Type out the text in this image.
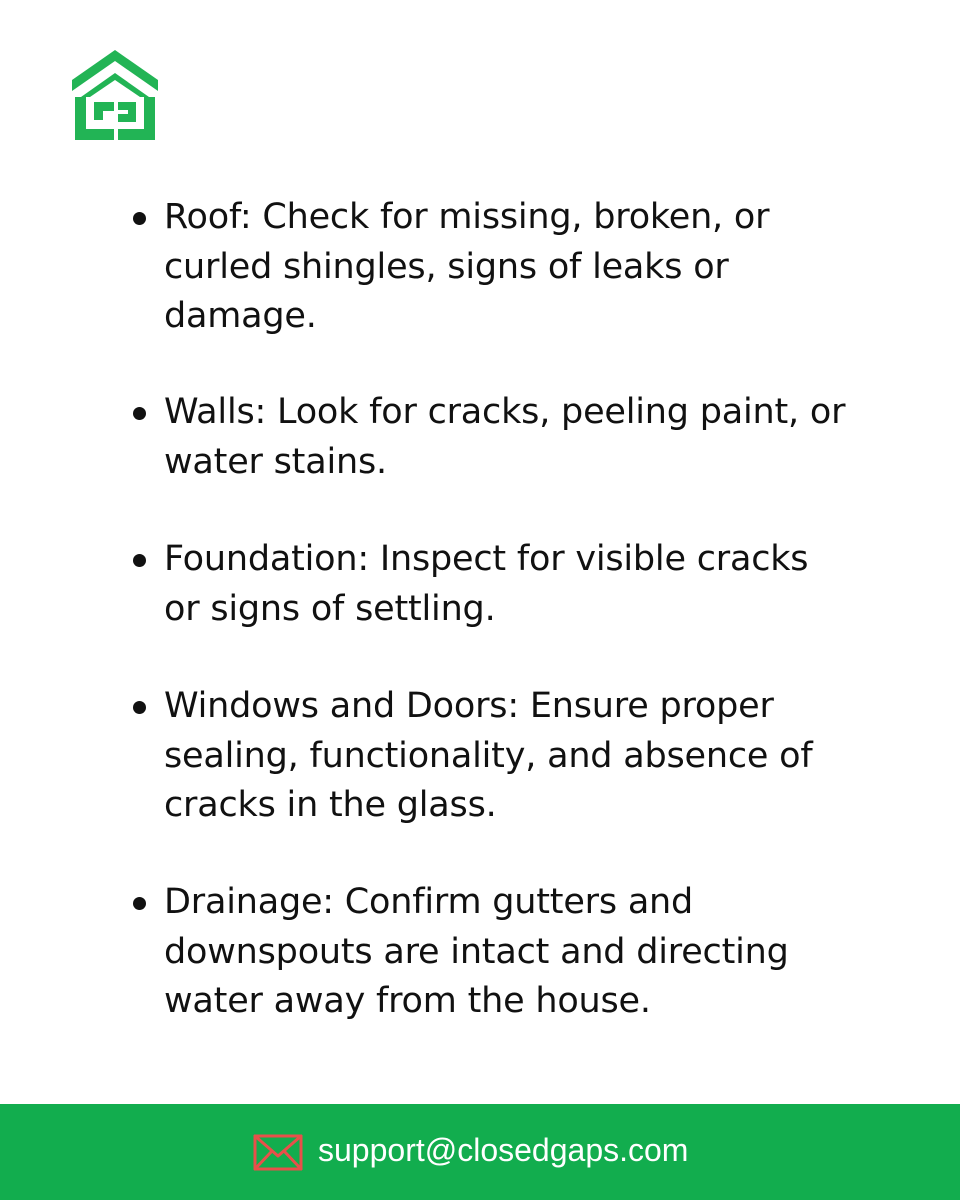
Roof: Check for missing, broken, or
curled shingles, signs of leaks or
damage.
Walls: Look for cracks, peeling paint, or
water stains.
Foundation: Inspect for visible cracks
or signs of settling.
Windows and Doors: Ensure proper
sealing, functionality, and absence of
cracks in the glass.
Drainage: Confirm gutters and
downspouts are intact and directing
water away from the house.
support@closedgaps.com
